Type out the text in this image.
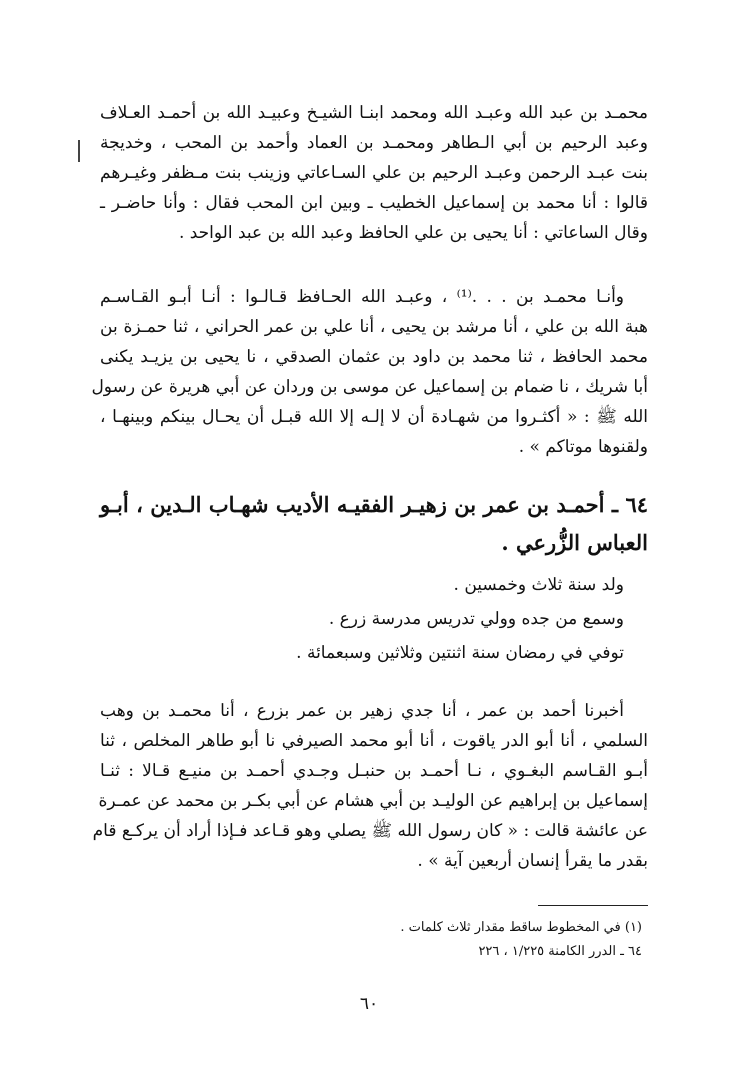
محمـد بن عبد الله وعبـد الله ومحمد ابنـا الشيـخ وعبيـد الله بن أحمـد العـلاف
وعبد الرحيم بن أبي الـطاهر ومحمـد بن العماد وأحمد بن المحب ، وخديجة
بنت عبـد الرحمن وعبـد الرحيم بن علي السـاعاتي وزينب بنت مـظفر وغيـرهم
قالوا : أنا محمد بن إسماعيل الخطيب ـ وبين ابن المحب فقال : وأنا حاضـر ـ
وقال الساعاتي : أنا يحيى بن علي الحافظ وعبد الله بن عبد الواحد .
وأنـا محمـد بن . . .⁽¹⁾ ، وعبـد الله الحـافظ قـالـوا : أنـا أبـو القـاسـم
هبة الله بن علي ، أنا مرشد بن يحيى ، أنا علي بن عمر الحراني ، ثنا حمـزة بن
محمد الحافظ ، ثنا محمد بن داود بن عثمان الصدقي ، نا يحيى بن يزيـد يكنى
أبا شريك ، نا ضمام بن إسماعيل عن موسى بن وردان عن أبي هريرة عن رسول
الله ﷺ : « أكثـروا من شهـادة أن لا إلـه إلا الله قبـل أن يحـال بينكم وبينهـا ،
ولقنوها موتاكم » .
٦٤ ـ أحمـد بن عمر بن زهيـر الفقيـه الأديب شهـاب الـدين ، أبـو
العباس الزُّرعي .
ولد سنة ثلاث وخمسين .
وسمع من جده وولي تدريس مدرسة زرع .
توفي في رمضان سنة اثنتين وثلاثين وسبعمائة .
أخبرنا أحمد بن عمر ، أنا جدي زهير بن عمر بزرع ، أنا محمـد بن وهب
السلمي ، أنا أبو الدر ياقوت ، أنا أبو محمد الصيرفي نا أبو طاهر المخلص ، ثنا
أبـو القـاسم البغـوي ، نـا أحمـد بن حنبـل وجـدي أحمـد بن منيـع قـالا : ثنـا
إسماعيل بن إبراهيم عن الوليـد بن أبي هشام عن أبي بكـر بن محمد عن عمـرة
عن عائشة قالت : « كان رسول الله ﷺ يصلي وهو قـاعد فـإذا أراد أن يركـع قام
بقدر ما يقرأ إنسان أربعين آية » .
(١) في المخطوط ساقط مقدار ثلاث كلمات .
٦٤ ـ الدرر الكامنة ١/٢٢٥ ، ٢٢٦
٦٠
